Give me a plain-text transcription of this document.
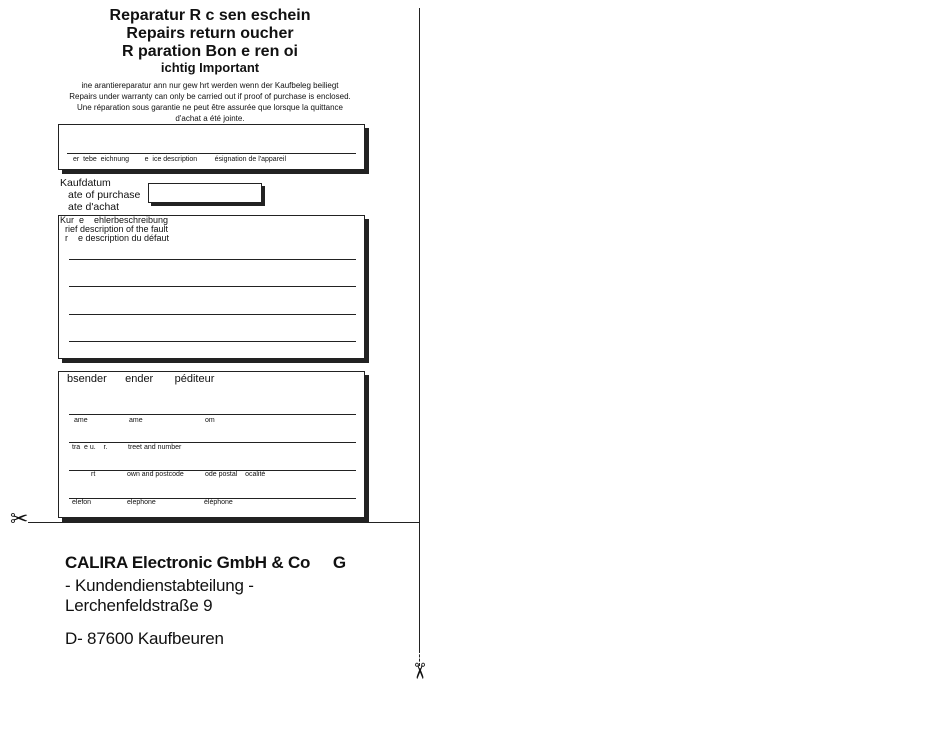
Reparatur R c sen eschein
Repairs return oucher
R paration Bon e ren oi
ichtig Important
ine arantiereparatur ann nur gew hrt werden wenn der Kaufbeleg beiliegt
Repairs under warranty can only be carried out if proof of purchase is enclosed.
Une réparation sous garantie ne peut être assurée que lorsque la quittance
d'achat a été jointe.
er  tebe  eichnung        e  ice description         ésignation de l'appareil
Kaufdatum
ate of purchase
ate d'achat
Kur  e    ehlerbeschreibung
rief description of the fault
r    e description du défaut
bsender      ender       péditeur
ame	ame	om
tra  e u.    r.	treet and number
rt	own and postcode	ode postal    ocalité
elefon	elephone	éléphone
✂
✂
CALIRA Electronic GmbH & Co     G
- Kundendienstabteilung -
Lerchenfeldstraße 9
D- 87600 Kaufbeuren
